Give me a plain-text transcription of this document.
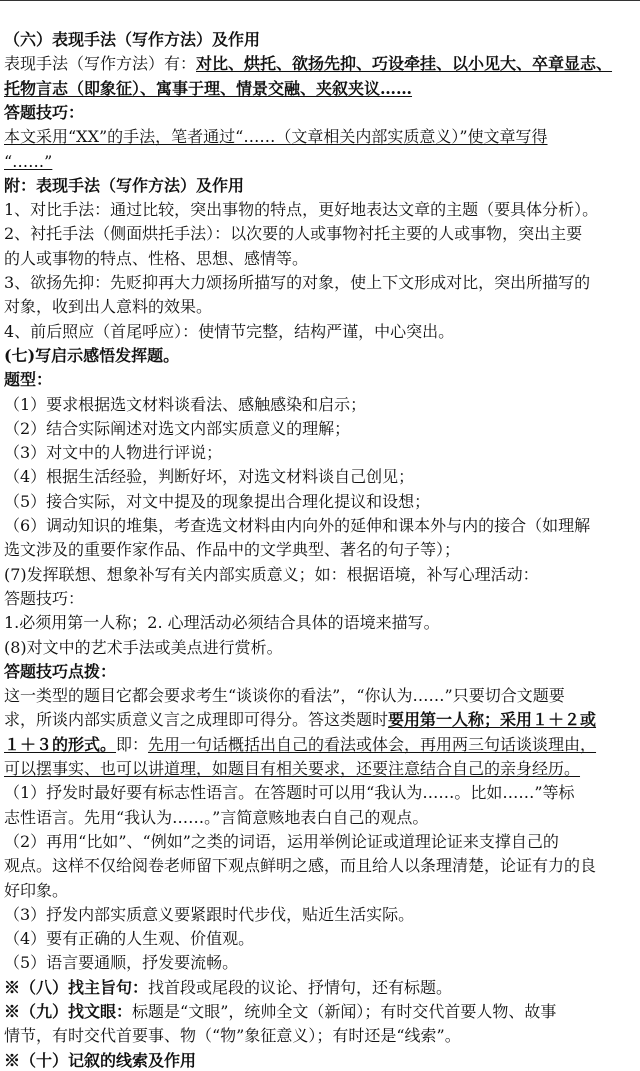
（六）表现手法（写作方法）及作用
表现手法（写作方法）有：对比、烘托、欲扬先抑、巧设牵挂、以小见大、卒章显志、
托物言志（即象征）、寓事于理、情景交融、夹叙夹议……
答题技巧：
本文采用“XX”的手法，笔者通过“……（文章相关内部实质意义）”使文章写得
“……”
附：表现手法（写作方法）及作用
1、对比手法：通过比较，突出事物的特点，更好地表达文章的主题（要具体分析）。
2、衬托手法（侧面烘托手法）：以次要的人或事物衬托主要的人或事物，突出主要
的人或事物的特点、性格、思想、感情等。
3、欲扬先抑：先贬抑再大力颂扬所描写的对象，使上下文形成对比，突出所描写的
对象，收到出人意料的效果。
4、前后照应（首尾呼应）：使情节完整，结构严谨，中心突出。
(七)写启示感悟发挥题。
题型：
（1）要求根据选文材料谈看法、感触感染和启示；
（2）结合实际阐述对选文内部实质意义的理解；
（3）对文中的人物进行评说；
（4）根据生活经验，判断好坏，对选文材料谈自己创见；
（5）接合实际，对文中提及的现象提出合理化提议和设想；
（6）调动知识的堆集，考查选文材料由内向外的延伸和课本外与内的接合（如理解
选文涉及的重要作家作品、作品中的文学典型、著名的句子等）；
(7)发挥联想、想象补写有关内部实质意义；如：根据语境，补写心理活动：
答题技巧：
1.必须用第一人称；2. 心理活动必须结合具体的语境来描写。
(8)对文中的艺术手法或美点进行赏析。
答题技巧点拨：
这一类型的题目它都会要求考生“谈谈你的看法”，“你认为……”只要切合文题要
求，所谈内部实质意义言之成理即可得分。答这类题时要用第一人称；采用１＋２或
１＋３的形式。即：先用一句话概括出自己的看法或体会，再用两三句话谈谈理由，
可以摆事实、也可以讲道理，如题目有相关要求，还要注意结合自己的亲身经历。
（1）抒发时最好要有标志性语言。在答题时可以用“我认为……。比如……”等标
志性语言。先用“我认为……。”言简意赅地表白自己的观点。
（2）再用“比如”、“例如”之类的词语，运用举例论证或道理论证来支撑自己的
观点。这样不仅给阅卷老师留下观点鲜明之感，而且给人以条理清楚，论证有力的良
好印象。
（3）抒发内部实质意义要紧跟时代步伐，贴近生活实际。
（4）要有正确的人生观、价值观。
（5）语言要通顺，抒发要流畅。
※（八）找主旨句：找首段或尾段的议论、抒情句，还有标题。
※（九）找文眼：标题是“文眼”，统帅全文（新闻）；有时交代首要人物、故事
情节，有时交代首要事、物（“物”象征意义）；有时还是“线索”。
※（十）记叙的线索及作用
